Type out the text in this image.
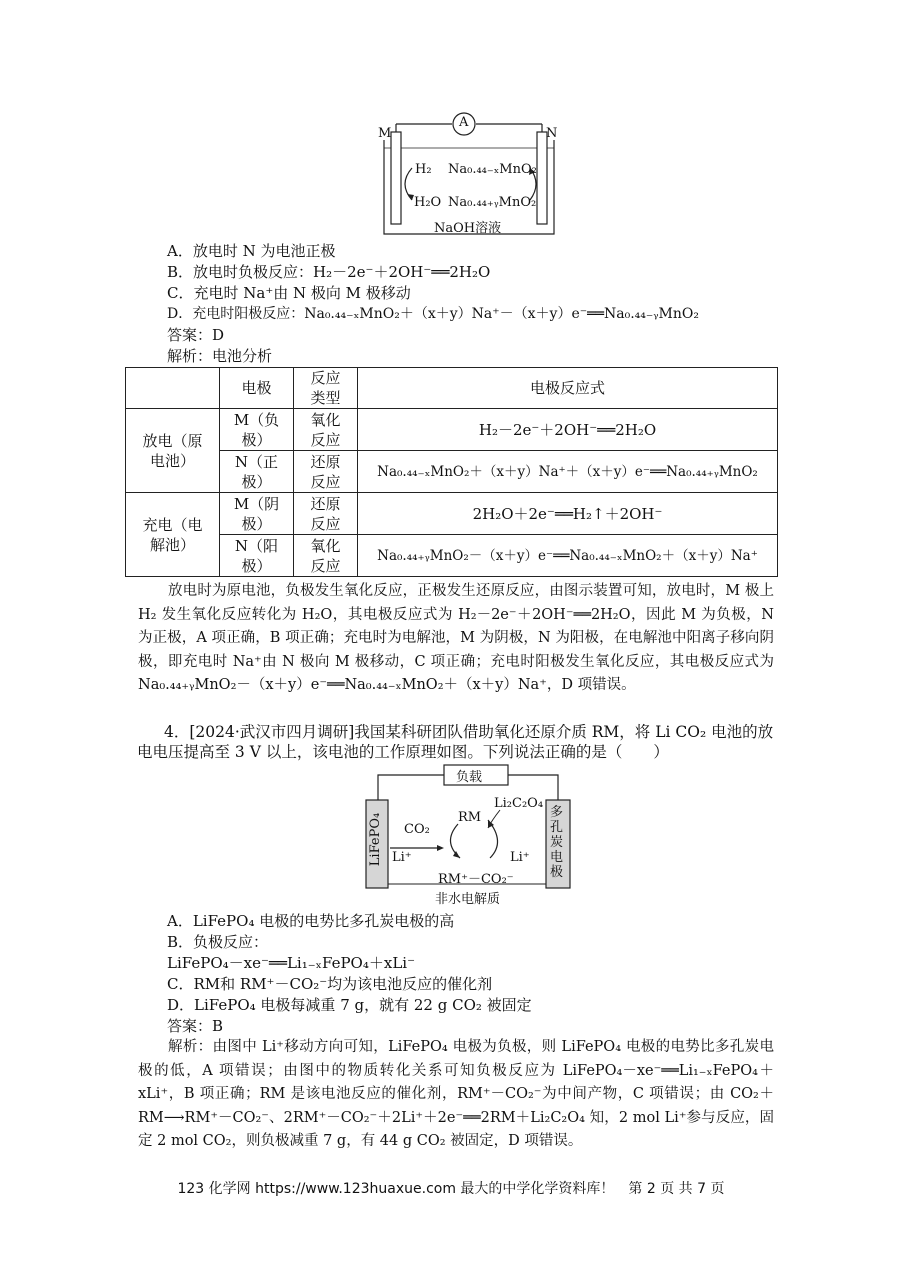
A
M	N
H₂
H₂O
Na₀.₄₄₋ₓMnO₂
Na₀.₄₄₊ᵧMnO₂
NaOH溶液
A．放电时 N 为电池正极
B．放电时负极反应：H₂－2e⁻＋2OH⁻══2H₂O
C．充电时 Na⁺由 N 极向 M 极移动
D．充电时阳极反应：Na₀.₄₄₋ₓMnO₂＋（x＋y）Na⁺－（x＋y）e⁻══Na₀.₄₄₋ᵧMnO₂
答案：D
解析：电池分析
	电极	反应类型	电极反应式

放电（原电池）	M（负极）	氧化反应	H₂－2e⁻＋2OH⁻══2H₂O

	N（正极）	还原反应	Na₀.₄₄₋ₓMnO₂＋（x＋y）Na⁺＋（x＋y）e⁻══Na₀.₄₄₊ᵧMnO₂

充电（电解池）	M（阴极）	还原反应	2H₂O＋2e⁻══H₂↑＋2OH⁻

	N（阳极）	氧化反应	Na₀.₄₄₊ᵧMnO₂－（x＋y）e⁻══Na₀.₄₄₋ₓMnO₂＋（x＋y）Na⁺
放电时为原电池，负极发生氧化反应，正极发生还原反应，由图示装置可知，放电时，M 极上 H₂ 发生氧化反应转化为 H₂O，其电极反应式为 H₂－2e⁻＋2OH⁻══2H₂O，因此 M 为负极，N 为正极，A 项正确，B 项正确；充电时为电解池，M 为阴极，N 为阳极，在电解池中阳离子移向阴极，即充电时 Na⁺由 N 极向 M 极移动，C 项正确；充电时阳极发生氧化反应，其电极反应式为 Na₀.₄₄₊ᵧMnO₂－（x＋y）e⁻══Na₀.₄₄₋ₓMnO₂＋（x＋y）Na⁺，D 项错误。
4．[2024·武汉市四月调研]我国某科研团队借助氧化还原介质 RM，将 Li CO₂ 电池的放
电电压提高至 3 V 以上，该电池的工作原理如图。下列说法正确的是（　　）
负载
LiFePO₄
多孔炭电极
CO₂
Li⁺
RM
Li₂C₂O₄
RM⁺－CO₂⁻
Li⁺
非水电解质
A．LiFePO₄ 电极的电势比多孔炭电极的高
B．负极反应：
LiFePO₄－xe⁻══Li₁₋ₓFePO₄＋xLi⁻
C．RM和 RM⁺－CO₂⁻均为该电池反应的催化剂
D．LiFePO₄ 电极每减重 7 g，就有 22 g CO₂ 被固定
答案：B
解析：由图中 Li⁺移动方向可知，LiFePO₄ 电极为负极，则 LiFePO₄ 电极的电势比多孔炭电极的低，A 项错误；由图中的物质转化关系可知负极反应为 LiFePO₄－xe⁻══Li₁₋ₓFePO₄＋xLi⁺，B 项正确；RM 是该电池反应的催化剂，RM⁺－CO₂⁻为中间产物，C 项错误；由 CO₂＋RM⟶RM⁺－CO₂⁻、2RM⁺－CO₂⁻＋2Li⁺＋2e⁻══2RM＋Li₂C₂O₄ 知，2 mol Li⁺参与反应，固定 2 mol CO₂，则负极减重 7 g，有 44 g CO₂ 被固定，D 项错误。
123 化学网 https://www.123huaxue.com 最大的中学化学资料库！　第 2 页 共 7 页
